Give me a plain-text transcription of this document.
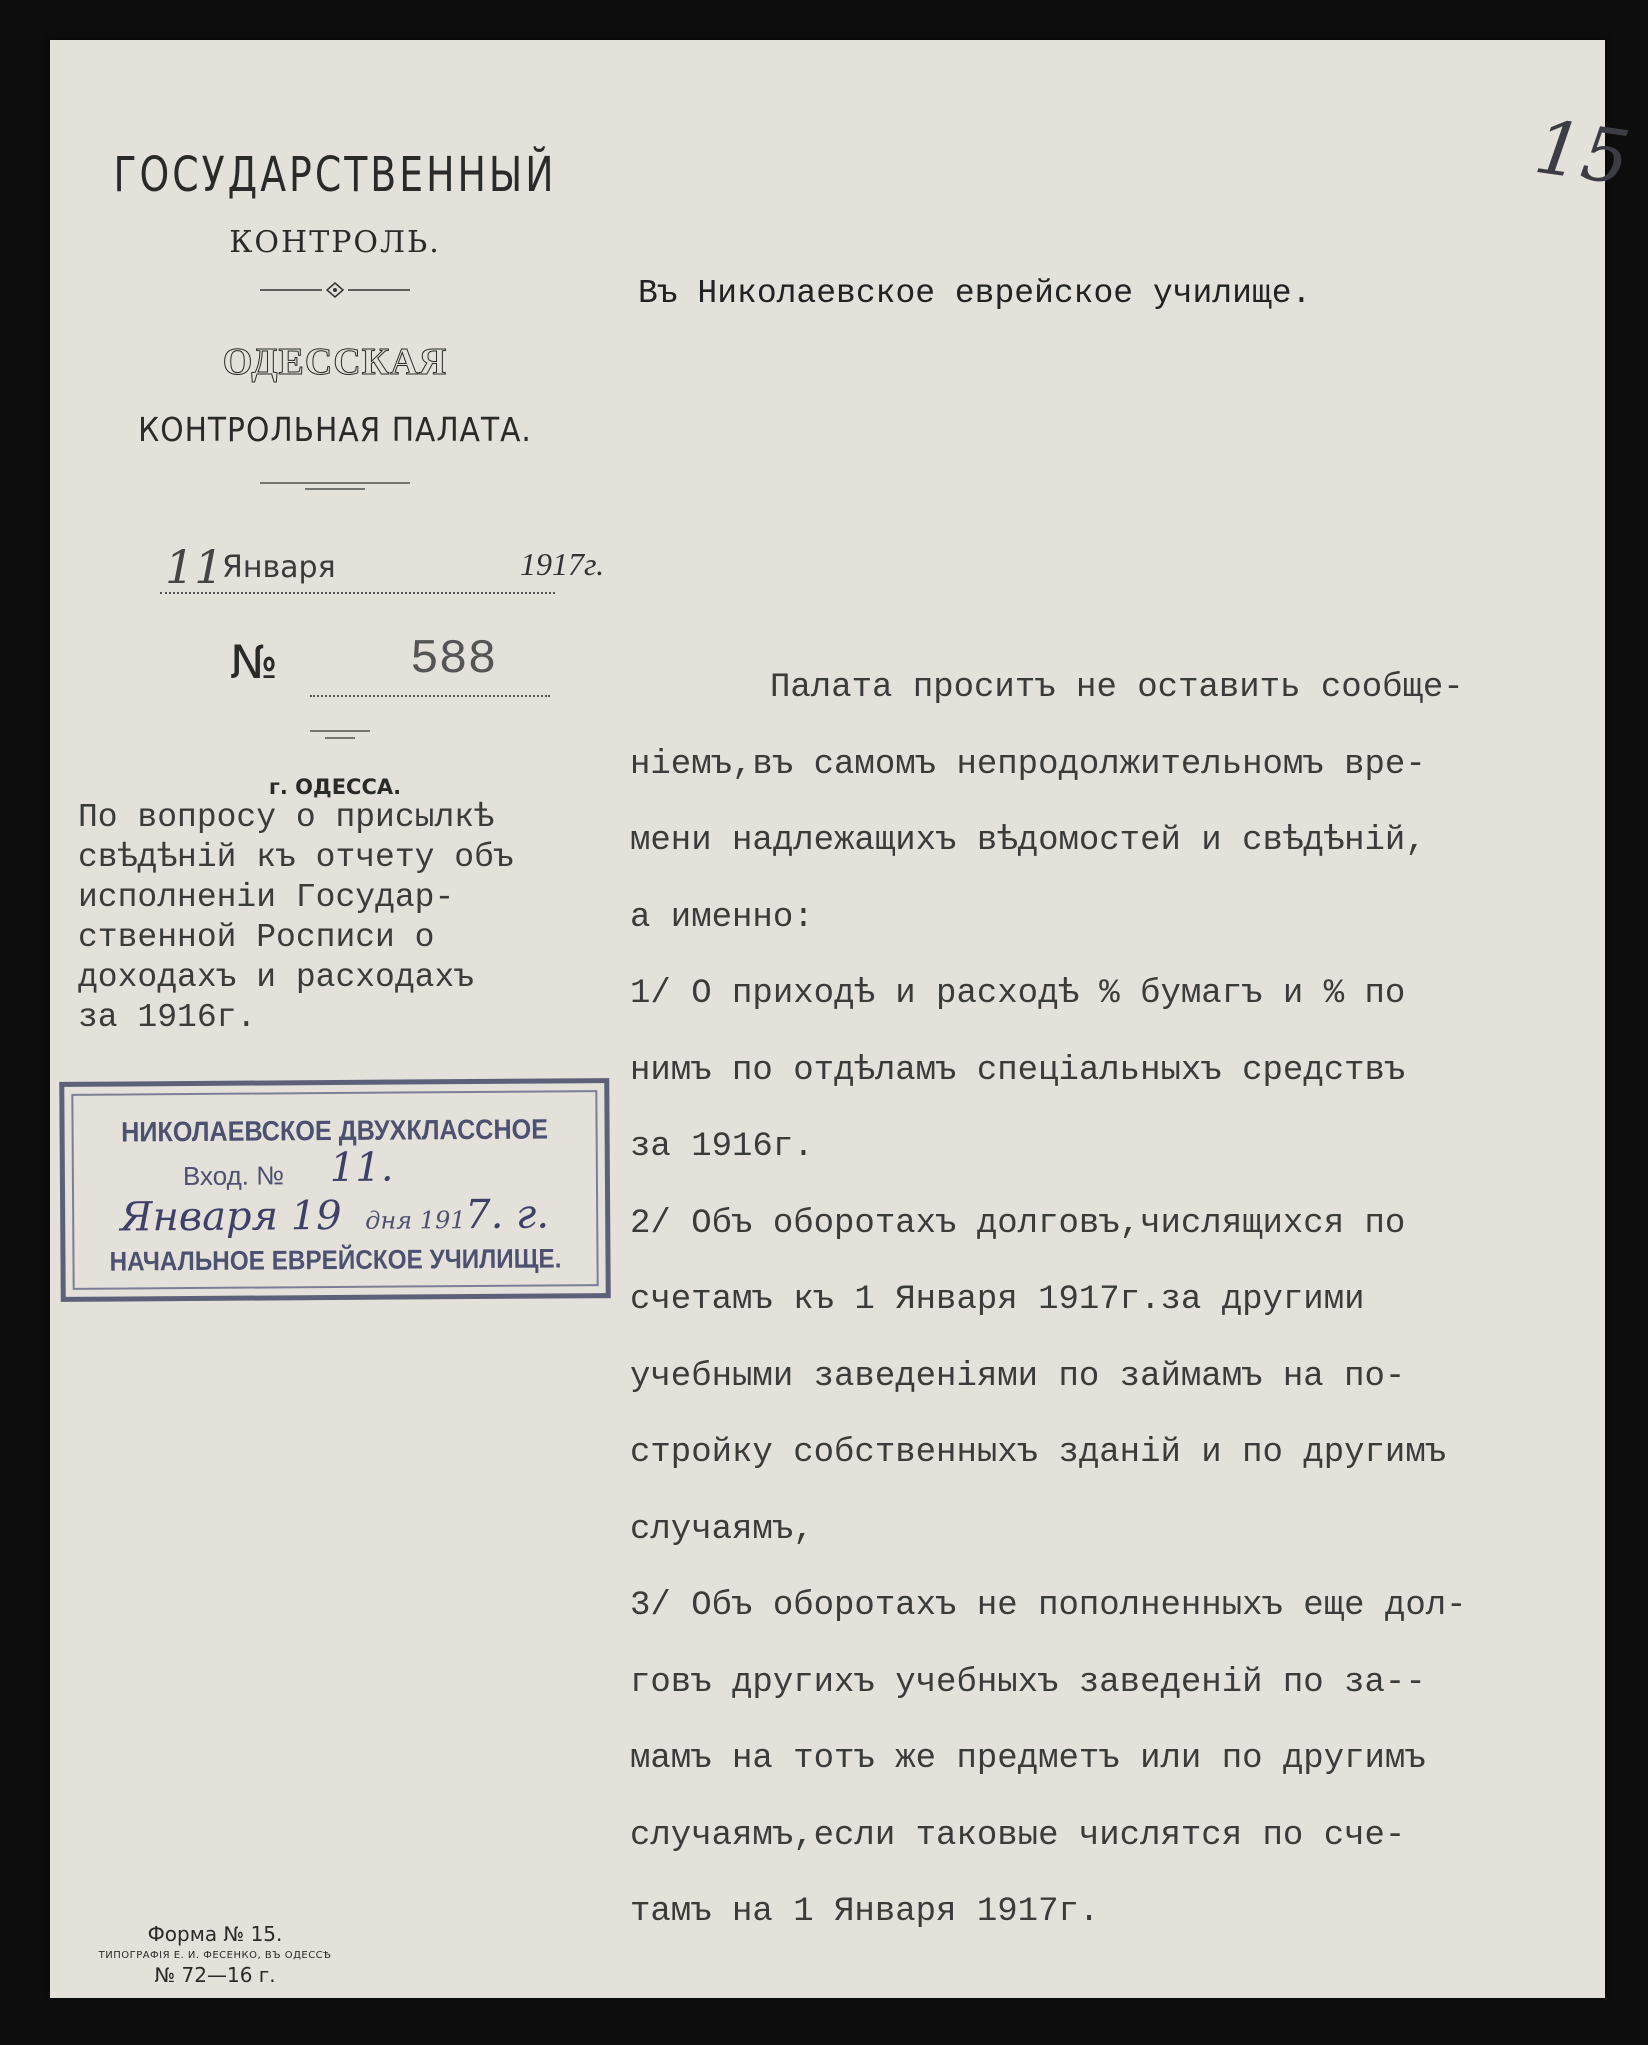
15
ГОСУДАРСТВЕННЫЙ
КОНТРОЛЬ.
ОДЕССКАЯ
КОНТРОЛЬНАЯ ПАЛАТА.
11
Января	1917г.
№	588
г. ОДЕССА.
По вопросу о присылкѣ
свѣдѣній къ отчету объ
исполненіи Государ-
ственной Росписи о
доходахъ и расходахъ
за 1916г.
НИКОЛАЕВСКОЕ ДВУХКЛАССНОЕ
Вход. № 11.
Января 19 дня 191 7. г.
НАЧАЛЬНОЕ ЕВРЕЙСКОЕ УЧИЛИЩЕ.
Въ Николаевское еврейское училище.
Палата проситъ не оставить сообще-
ніемъ,въ самомъ непродолжительномъ вре-
мени надлежащихъ вѣдомостей и свѣдѣній,
а именно:
1/ О приходѣ и расходѣ % бумагъ и % по
нимъ по отдѣламъ спеціальныхъ средствъ
за 1916г.
2/ Объ оборотахъ долговъ,числящихся по
счетамъ къ 1 Января 1917г.за другими
учебными заведеніями по займамъ на по-
стройку собственныхъ зданій и по другимъ
случаямъ,
3/ Объ оборотахъ не пополненныхъ еще дол-
говъ другихъ учебныхъ заведеній по за--
мамъ на тотъ же предметъ или по другимъ
случаямъ,если таковые числятся по сче-
тамъ на 1 Января 1917г.
Форма № 15.
ТИПОГРАФІЯ Е. И. ФЕСЕНКО, ВЪ ОДЕССѢ
№ 72—16 г.
